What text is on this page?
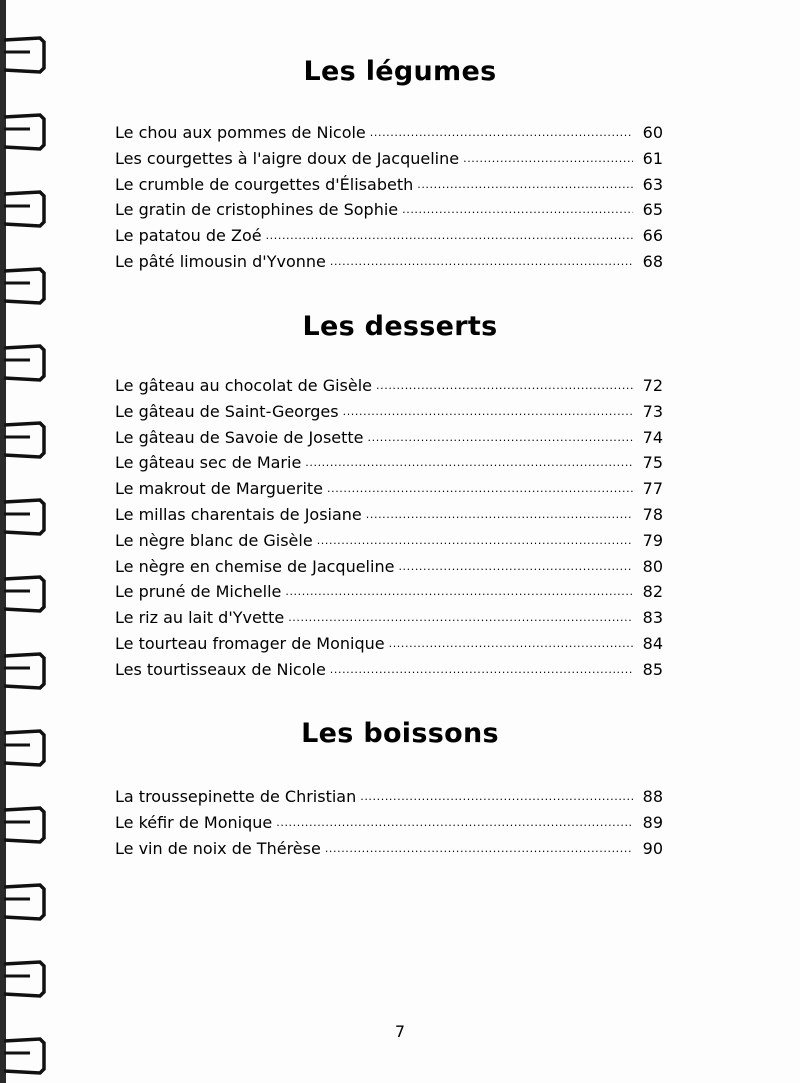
Les légumes
Le chou aux pommes de Nicole .....	60
Les courgettes à l'aigre doux de Jacqueline .....	61
Le crumble de courgettes d'Élisabeth .....	63
Le gratin de cristophines de Sophie .....	65
Le patatou de Zoé .....	66
Le pâté limousin d'Yvonne .....	68
Les desserts
Le gâteau au chocolat de Gisèle .....	72
Le gâteau de Saint-Georges .....	73
Le gâteau de Savoie de Josette .....	74
Le gâteau sec de Marie .....	75
Le makrout de Marguerite .....	77
Le millas charentais de Josiane .....	78
Le nègre blanc de Gisèle .....	79
Le nègre en chemise de Jacqueline .....	80
Le pruné de Michelle .....	82
Le riz au lait d'Yvette .....	83
Le tourteau fromager de Monique .....	84
Les tourtisseaux de Nicole .....	85
Les boissons
La troussepinette de Christian .....	88
Le kéfir de Monique .....	89
Le vin de noix de Thérèse .....	90
7
